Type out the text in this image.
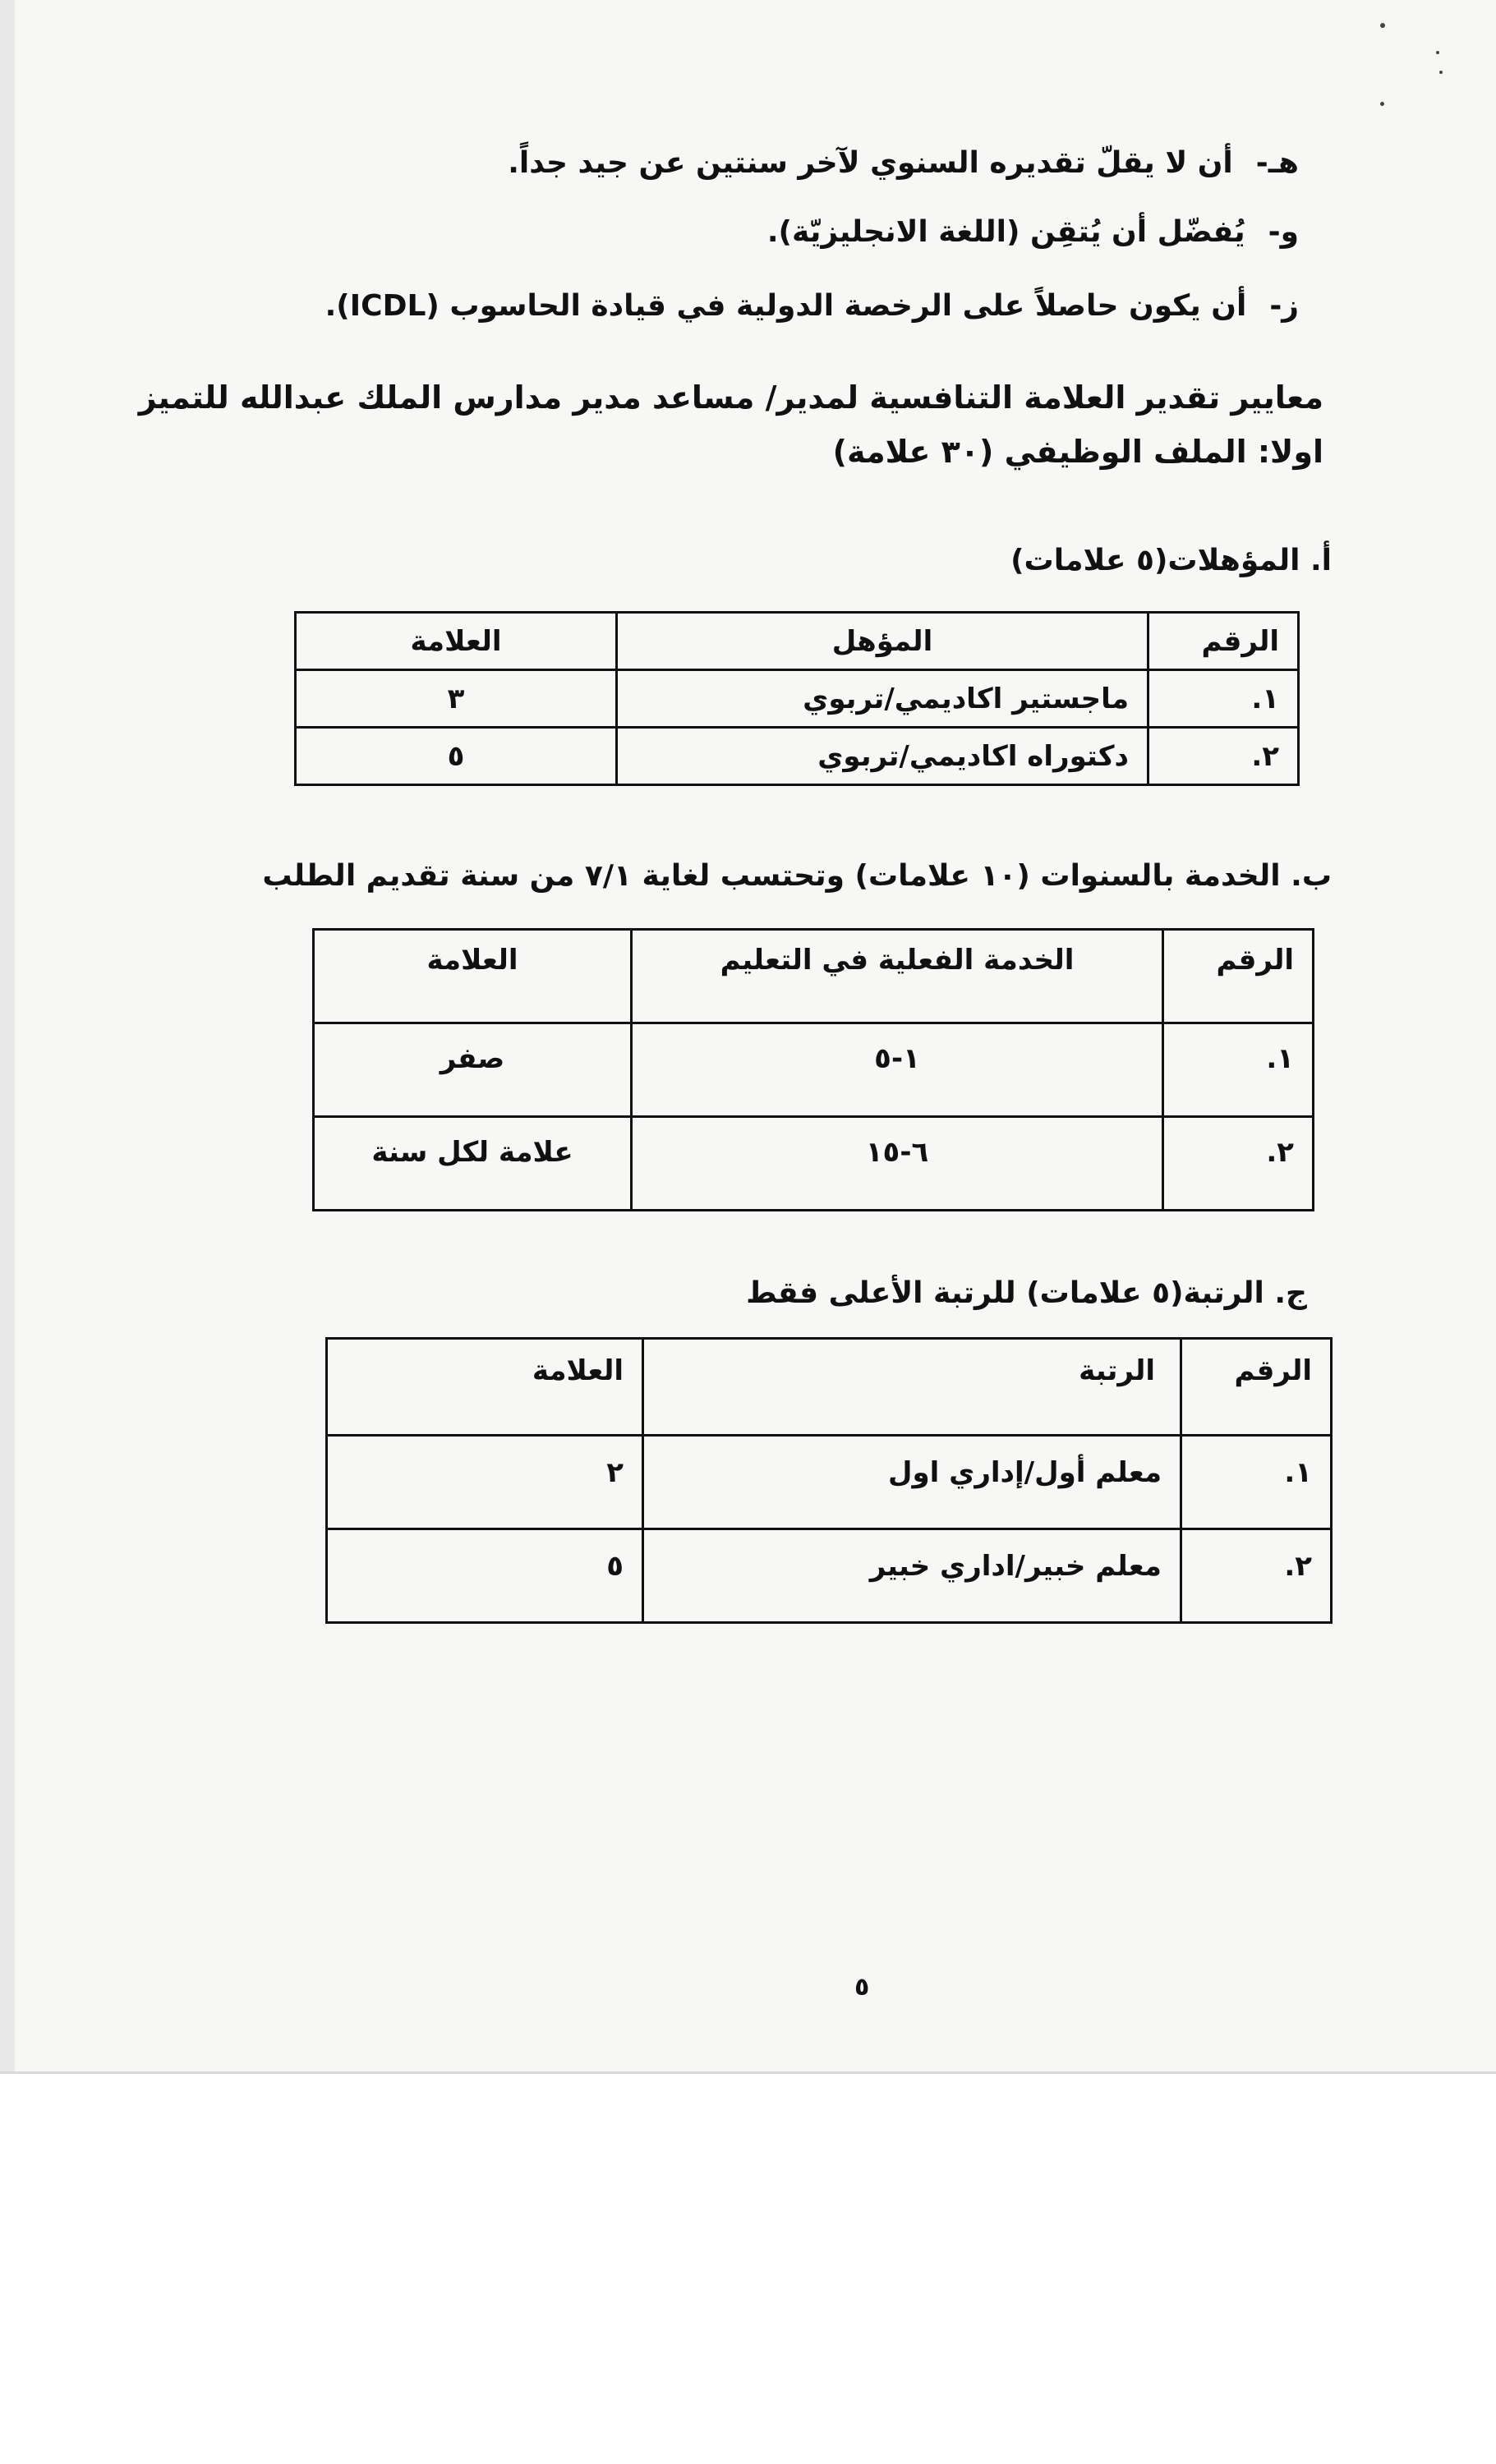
هـ-أن لا يقلّ تقديره السنوي لآخر سنتين عن جيد جداً.
و-يُفضّل أن يُتقِن (اللغة الانجليزيّة).
ز-أن يكون حاصلاً على الرخصة الدولية في قيادة الحاسوب (ICDL).
معايير تقدير العلامة التنافسية لمدير/ مساعد مدير مدارس الملك عبدالله للتميز
اولا: الملف الوظيفي (٣٠ علامة)
أ. المؤهلات(٥ علامات)
الرقم	المؤهل	العلامة
١.	ماجستير اكاديمي/تربوي	٣
٢.	دكتوراه اكاديمي/تربوي	٥
ب. الخدمة بالسنوات (١٠ علامات) وتحتسب لغاية ٧/١ من سنة تقديم الطلب
الرقم	الخدمة الفعلية في التعليم	العلامة
١.	١-٥	صفر
٢.	٦-١٥	علامة لكل سنة
ج. الرتبة(٥ علامات) للرتبة الأعلى فقط
الرقم	الرتبة	العلامة
١.	معلم أول/إداري اول	٢
٢.	معلم خبير/اداري خبير	٥
٥
